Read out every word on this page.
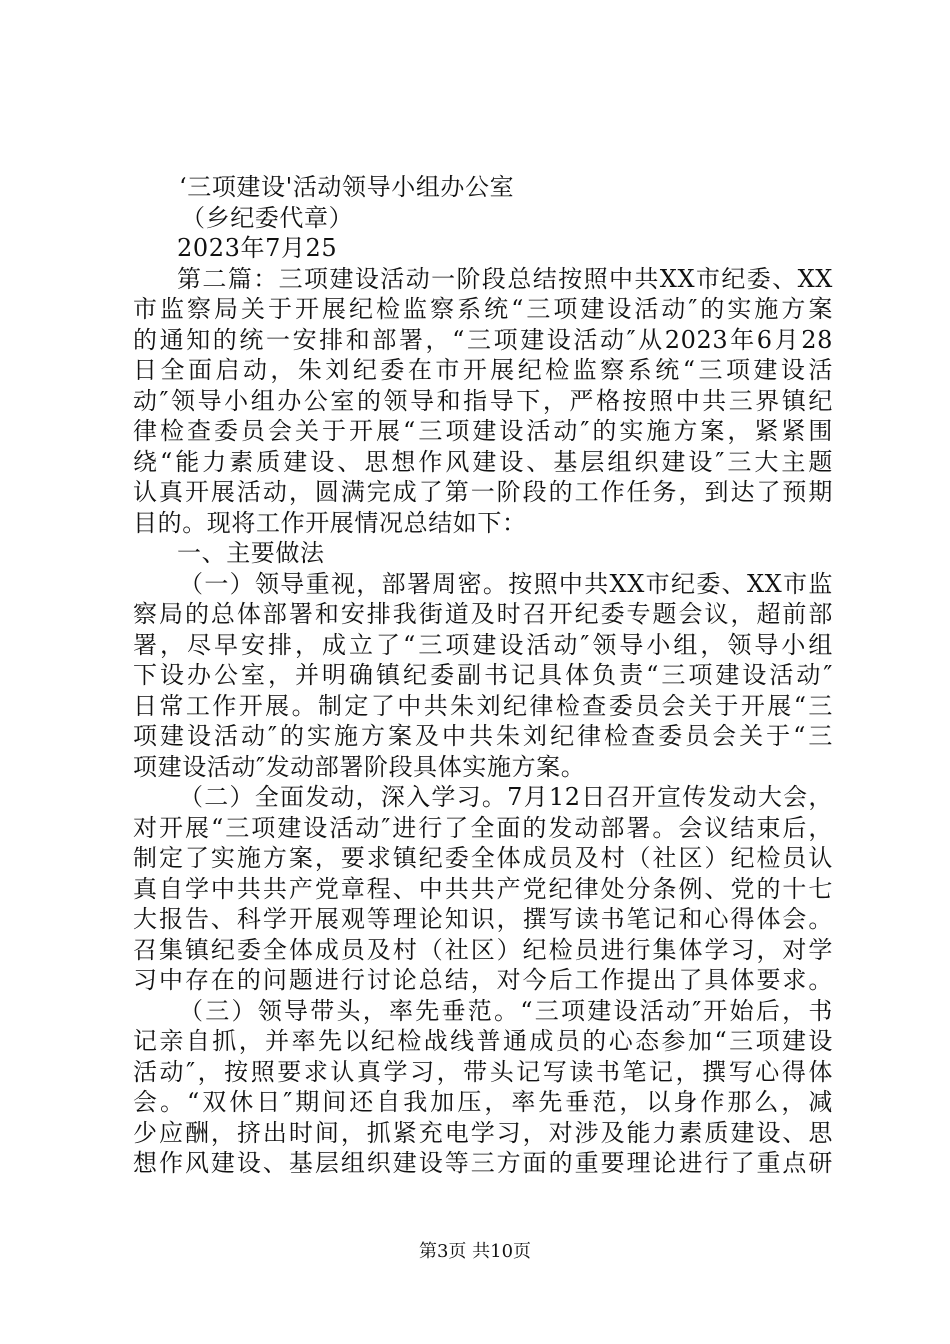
‘三项建设'活动领导小组办公室
（乡纪委代章）
2023年7月25
第二篇：三项建设活动一阶段总结按照中共XX市纪委、XX
市监察局关于开展纪检监察系统“三项建设活动″的实施方案
的通知的统一安排和部署，“三项建设活动″从2023年6月28
日全面启动，朱刘纪委在市开展纪检监察系统“三项建设活
动″领导小组办公室的领导和指导下，严格按照中共三界镇纪
律检查委员会关于开展“三项建设活动″的实施方案，紧紧围
绕“能力素质建设、思想作风建设、基层组织建设″三大主题
认真开展活动，圆满完成了第一阶段的工作任务，到达了预期
目的。现将工作开展情况总结如下：
一、主要做法
（一）领导重视，部署周密。按照中共XX市纪委、XX市监
察局的总体部署和安排我街道及时召开纪委专题会议，超前部
署，尽早安排，成立了“三项建设活动″领导小组，领导小组
下设办公室，并明确镇纪委副书记具体负责“三项建设活动″
日常工作开展。制定了中共朱刘纪律检查委员会关于开展“三
项建设活动″的实施方案及中共朱刘纪律检查委员会关于“三
项建设活动″发动部署阶段具体实施方案。
（二）全面发动，深入学习。7月12日召开宣传发动大会，
对开展“三项建设活动″进行了全面的发动部署。会议结束后，
制定了实施方案，要求镇纪委全体成员及村（社区）纪检员认
真自学中共共产党章程、中共共产党纪律处分条例、党的十七
大报告、科学开展观等理论知识，撰写读书笔记和心得体会。
召集镇纪委全体成员及村（社区）纪检员进行集体学习，对学
习中存在的问题进行讨论总结，对今后工作提出了具体要求。
（三）领导带头，率先垂范。“三项建设活动″开始后，书
记亲自抓，并率先以纪检战线普通成员的心态参加“三项建设
活动″，按照要求认真学习，带头记写读书笔记，撰写心得体
会。“双休日″期间还自我加压，率先垂范，以身作那么，减
少应酬，挤出时间，抓紧充电学习，对涉及能力素质建设、思
想作风建设、基层组织建设等三方面的重要理论进行了重点研
第3页 共10页
